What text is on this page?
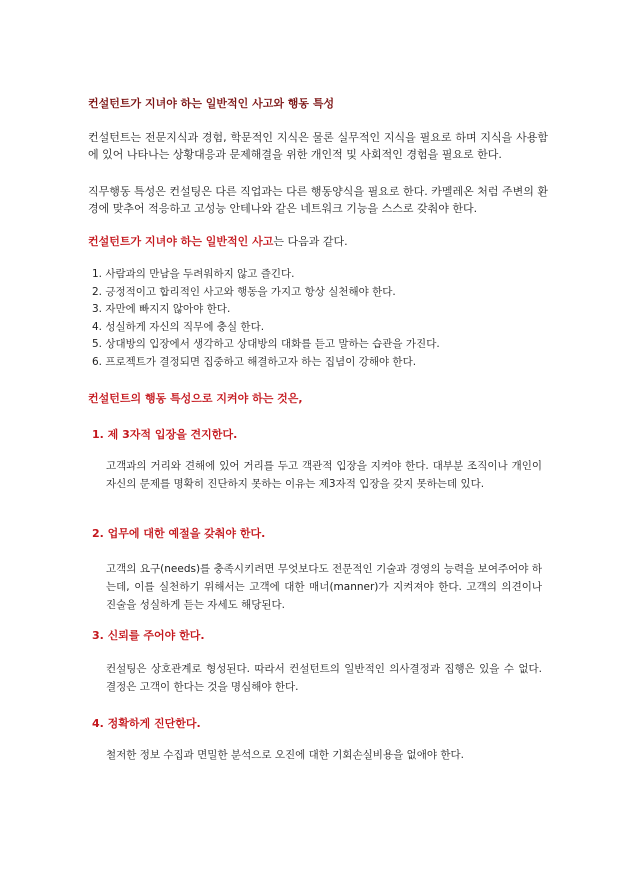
컨설턴트가 지녀야 하는 일반적인 사고와 행동 특성

컨설턴트는 전문지식과 경험, 학문적인 지식은 물론 실무적인 지식을 필요로 하며 지식을 사용함에 있어 나타나는 상황대응과 문제해결을 위한 개인적 및 사회적인 경험을 필요로 한다.

직무행동 특성은 컨설팅은 다른 직업과는 다른 행동양식을 필요로 한다. 카멜레온 처럼 주변의 환경에 맞추어 적응하고 고성능 안테나와 같은 네트워크 기능을 스스로 갖춰야 한다.

컨설턴트가 지녀야 하는 일반적인 사고는 다음과 같다.

1. 사람과의 만남을 두려워하지 않고 즐긴다.
2. 긍정적이고 합리적인 사고와 행동을 가지고 항상 실천해야 한다.
3. 자만에 빠지지 않아야 한다.
4. 성실하게 자신의 직무에 충실 한다.
5. 상대방의 입장에서 생각하고 상대방의 대화를 듣고 말하는 습관을 가진다.
6. 프로젝트가 결정되면 집중하고 해결하고자 하는 집념이 강해야 한다.

컨설턴트의 행동 특성으로 지켜야 하는 것은,

1. 제 3자적 입장을 견지한다.

고객과의 거리와 견해에 있어 거리를 두고 객관적 입장을 지켜야 한다. 대부분 조직이나 개인이 자신의 문제를 명확히 진단하지 못하는 이유는 제3자적 입장을 갖지 못하는데 있다.

2. 업무에 대한 예절을 갖춰야 한다.

고객의 요구(needs)를 충족시키려면 무엇보다도 전문적인 기술과 경영의 능력을 보여주어야 하는데, 이를 실천하기 위해서는 고객에 대한 매너(manner)가 지켜져야 한다. 고객의 의견이나 진술을 성실하게 듣는 자세도 해당된다.

3. 신뢰를 주어야 한다.

컨설팅은 상호관계로 형성된다. 따라서 컨설턴트의 일반적인 의사결정과 집행은 있을 수 없다. 결정은 고객이 한다는 것을 명심해야 한다.

4. 정확하게 진단한다.

철저한 정보 수집과 면밀한 분석으로 오진에 대한 기회손실비용을 없애야 한다.
